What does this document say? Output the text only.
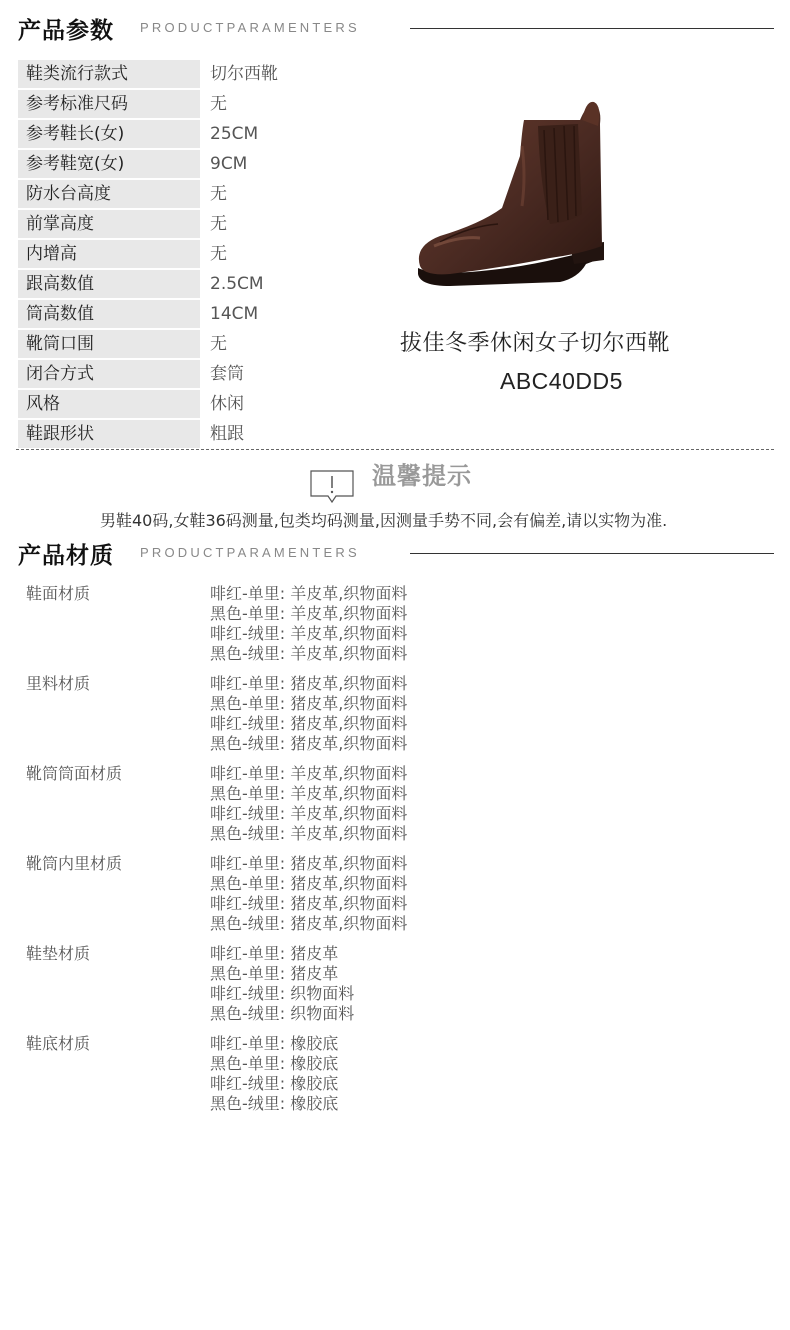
产品参数 PRODUCTPARAMENTERS
鞋类流行款式	切尔西靴
参考标准尺码	无
参考鞋长(女)	25CM
参考鞋宽(女)	9CM
防水台高度	无
前掌高度	无
内增高	无
跟高数值	2.5CM
筒高数值	14CM
靴筒口围	无
闭合方式	套筒
风格	休闲
鞋跟形状	粗跟
拔佳冬季休闲女子切尔西靴
ABC40DD5
温馨提示
男鞋40码,女鞋36码测量,包类均码测量,因测量手势不同,会有偏差,请以实物为准.
产品材质 PRODUCTPARAMENTERS
鞋面材质	啡红-单里: 羊皮革,织物面料
黑色-单里: 羊皮革,织物面料
啡红-绒里: 羊皮革,织物面料
黑色-绒里: 羊皮革,织物面料
里料材质	啡红-单里: 猪皮革,织物面料
黑色-单里: 猪皮革,织物面料
啡红-绒里: 猪皮革,织物面料
黑色-绒里: 猪皮革,织物面料
靴筒筒面材质	啡红-单里: 羊皮革,织物面料
黑色-单里: 羊皮革,织物面料
啡红-绒里: 羊皮革,织物面料
黑色-绒里: 羊皮革,织物面料
靴筒内里材质	啡红-单里: 猪皮革,织物面料
黑色-单里: 猪皮革,织物面料
啡红-绒里: 猪皮革,织物面料
黑色-绒里: 猪皮革,织物面料
鞋垫材质	啡红-单里: 猪皮革
黑色-单里: 猪皮革
啡红-绒里: 织物面料
黑色-绒里: 织物面料
鞋底材质	啡红-单里: 橡胶底
黑色-单里: 橡胶底
啡红-绒里: 橡胶底
黑色-绒里: 橡胶底
